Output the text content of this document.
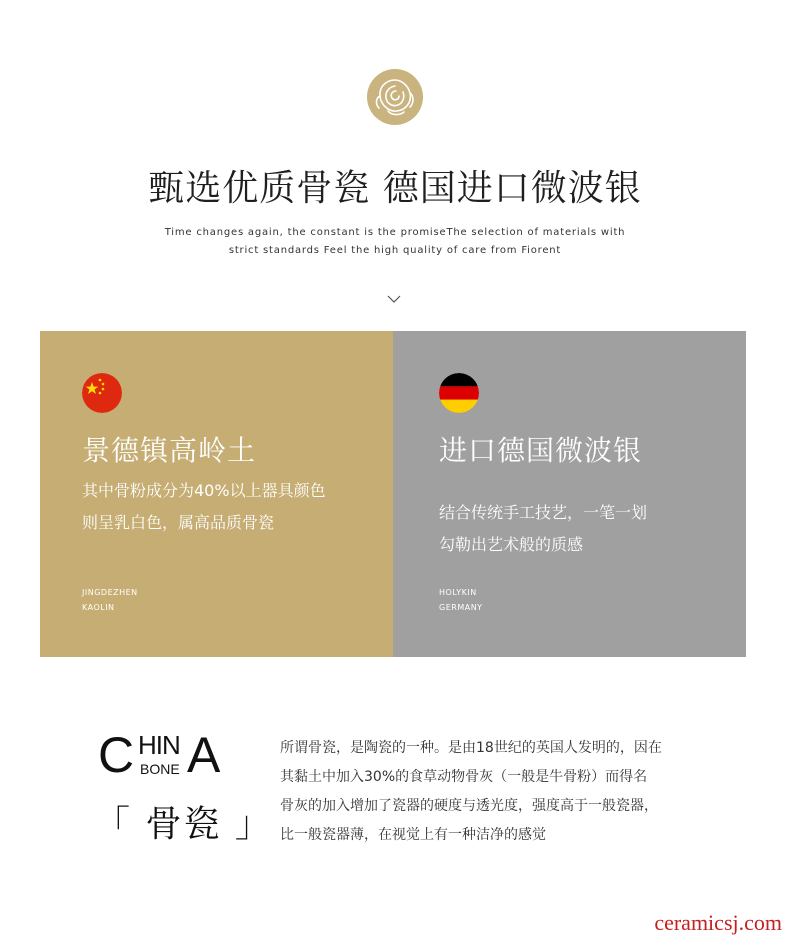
甄选优质骨瓷 德国进口微波银
Time changes again, the constant is the promiseThe selection of materials with
strict standards Feel the high quality of care from Fiorent
景德镇高岭土
其中骨粉成分为40%以上器具颜色
则呈乳白色，属高品质骨瓷
JINGDEZHEN
KAOLIN
进口德国微波银
结合传统手工技艺，一笔一划
勾勒出艺术般的质感
HOLYKIN
GERMANY
C HIN
BONE A
「 骨瓷 」
所谓骨瓷，是陶瓷的一种。是由18世纪的英国人发明的，因在
其黏土中加入30%的食草动物骨灰（一般是牛骨粉）而得名
骨灰的加入增加了瓷器的硬度与透光度，强度高于一般瓷器，
比一般瓷器薄，在视觉上有一种洁净的感觉
ceramicsj.com
